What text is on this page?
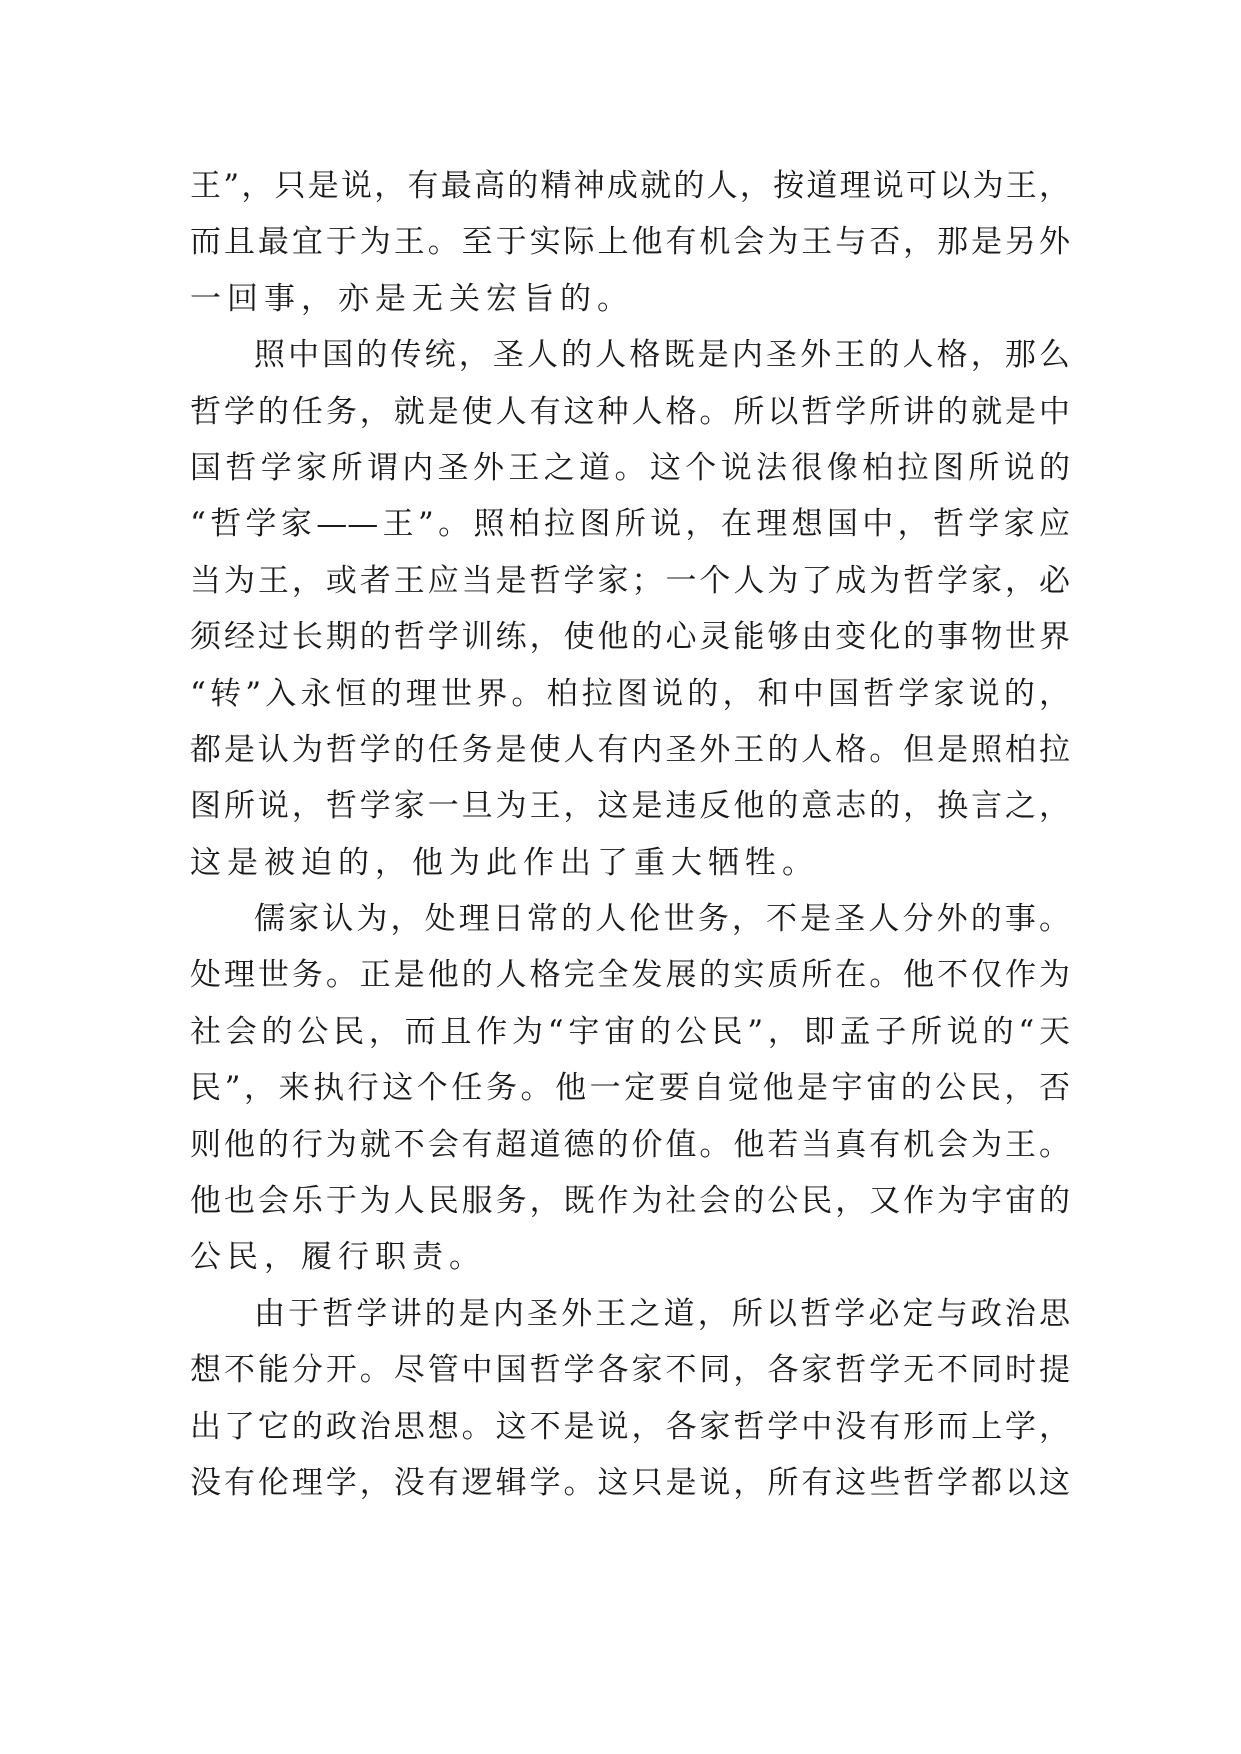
王”，只是说，有最高的精神成就的人，按道理说可以为王，
而且最宜于为王。至于实际上他有机会为王与否，那是另外
一回事，亦是无关宏旨的。
照中国的传统，圣人的人格既是内圣外王的人格，那么
哲学的任务，就是使人有这种人格。所以哲学所讲的就是中
国哲学家所谓内圣外王之道。这个说法很像柏拉图所说的
“哲学家——王”。照柏拉图所说，在理想国中，哲学家应
当为王，或者王应当是哲学家；一个人为了成为哲学家，必
须经过长期的哲学训练，使他的心灵能够由变化的事物世界
“转”入永恒的理世界。柏拉图说的，和中国哲学家说的，
都是认为哲学的任务是使人有内圣外王的人格。但是照柏拉
图所说，哲学家一旦为王，这是违反他的意志的，换言之，
这是被迫的，他为此作出了重大牺牲。
儒家认为，处理日常的人伦世务，不是圣人分外的事。
处理世务。正是他的人格完全发展的实质所在。他不仅作为
社会的公民，而且作为“宇宙的公民”，即孟子所说的“天
民”，来执行这个任务。他一定要自觉他是宇宙的公民，否
则他的行为就不会有超道德的价值。他若当真有机会为王。
他也会乐于为人民服务，既作为社会的公民，又作为宇宙的
公民，履行职责。
由于哲学讲的是内圣外王之道，所以哲学必定与政治思
想不能分开。尽管中国哲学各家不同，各家哲学无不同时提
出了它的政治思想。这不是说，各家哲学中没有形而上学，
没有伦理学，没有逻辑学。这只是说，所有这些哲学都以这
